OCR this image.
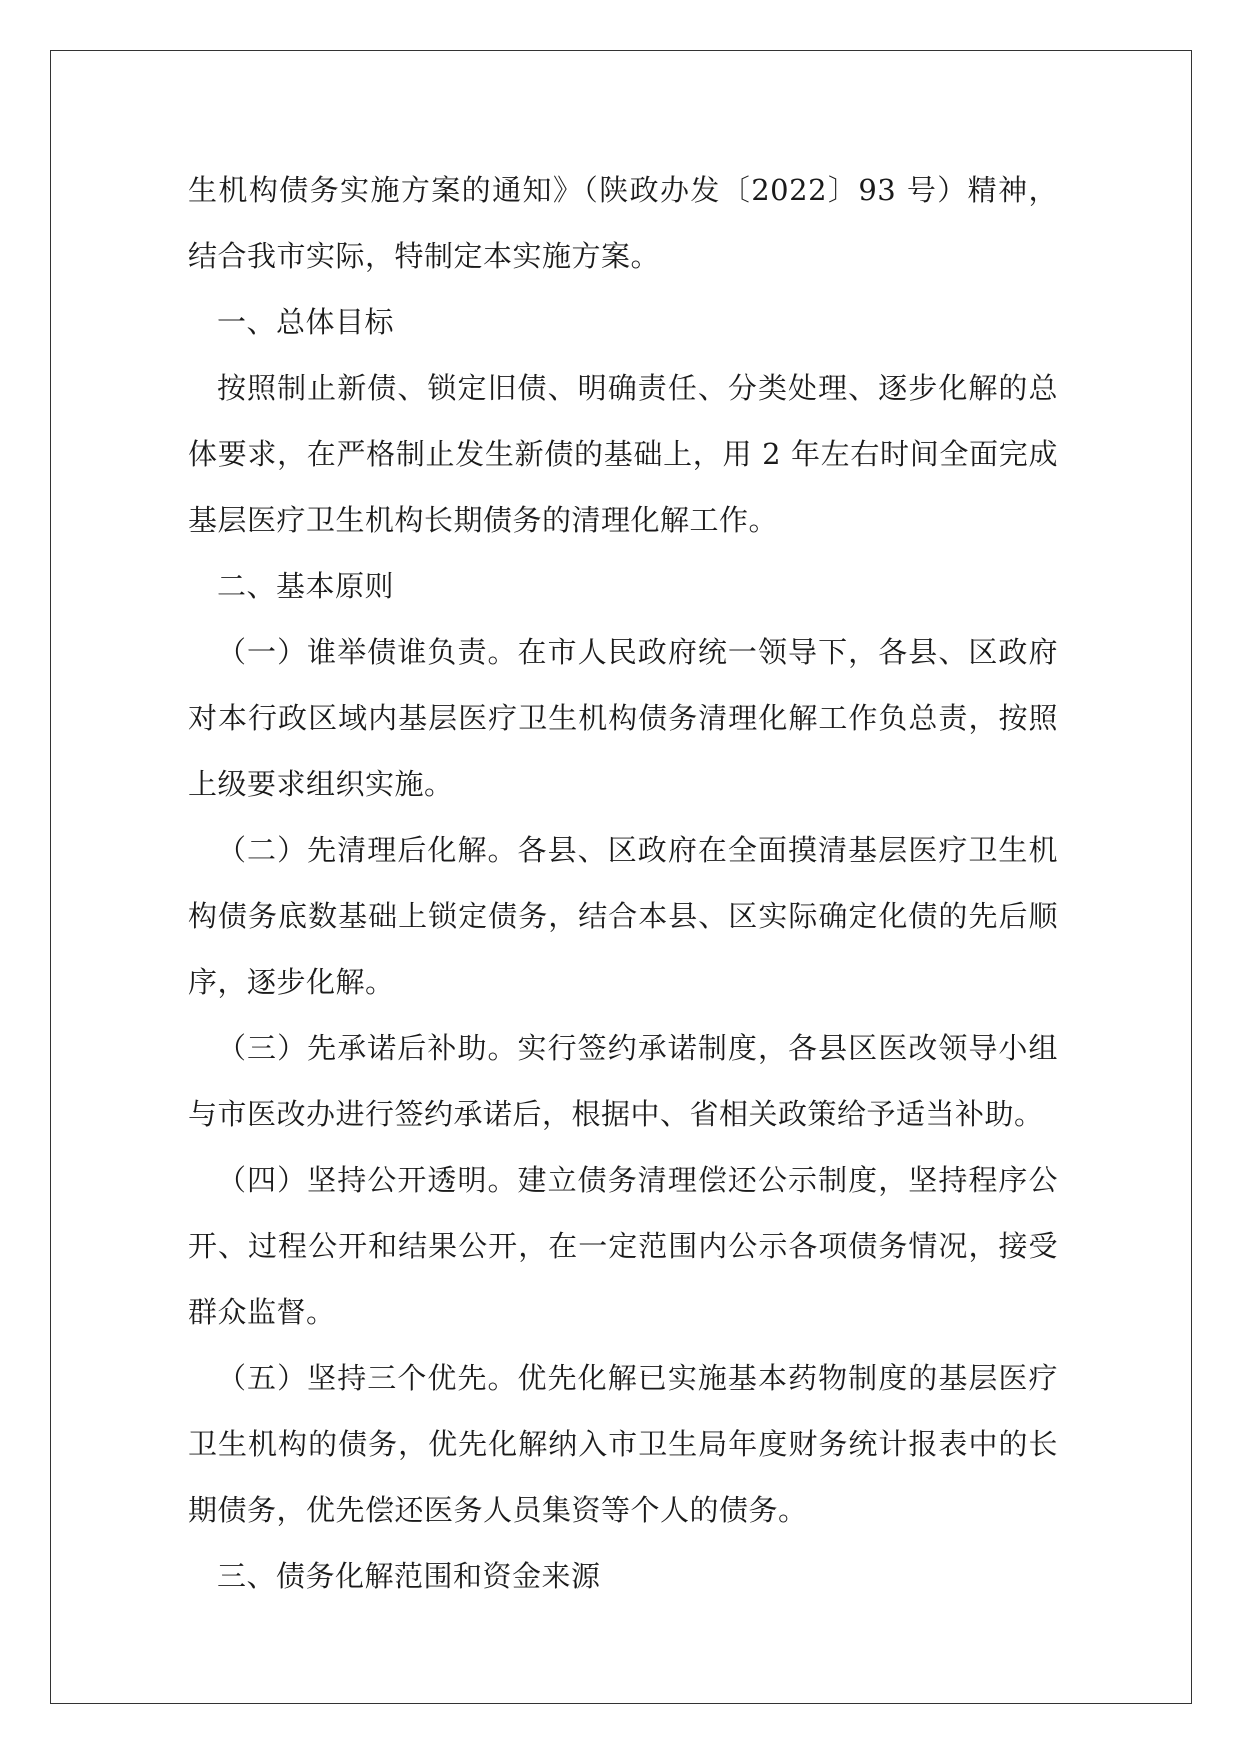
生机构债务实施方案的通知》（陕政办发〔2022〕93 号）精神，结合我市实际，特制定本实施方案。

一、总体目标

按照制止新债、锁定旧债、明确责任、分类处理、逐步化解的总体要求，在严格制止发生新债的基础上，用 2 年左右时间全面完成基层医疗卫生机构长期债务的清理化解工作。

二、基本原则

（一）谁举债谁负责。在市人民政府统一领导下，各县、区政府对本行政区域内基层医疗卫生机构债务清理化解工作负总责，按照上级要求组织实施。

（二）先清理后化解。各县、区政府在全面摸清基层医疗卫生机构债务底数基础上锁定债务，结合本县、区实际确定化债的先后顺序，逐步化解。

（三）先承诺后补助。实行签约承诺制度，各县区医改领导小组与市医改办进行签约承诺后，根据中、省相关政策给予适当补助。

（四）坚持公开透明。建立债务清理偿还公示制度，坚持程序公开、过程公开和结果公开，在一定范围内公示各项债务情况，接受群众监督。

（五）坚持三个优先。优先化解已实施基本药物制度的基层医疗卫生机构的债务，优先化解纳入市卫生局年度财务统计报表中的长期债务，优先偿还医务人员集资等个人的债务。

三、债务化解范围和资金来源
